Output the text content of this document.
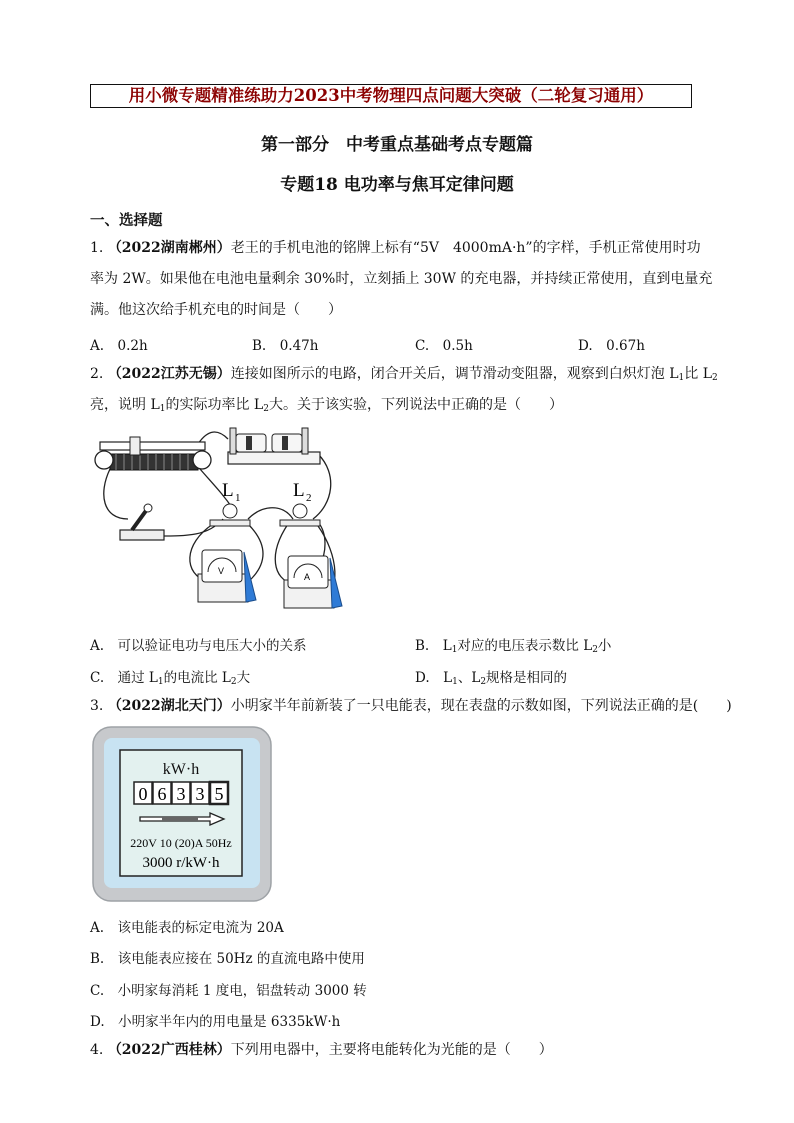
用小微专题精准练助力2023中考物理四点问题大突破（二轮复习通用）
第一部分　中考重点基础考点专题篇
专题18 电功率与焦耳定律问题
一、选择题
1. （2022湖南郴州）老王的手机电池的铭牌上标有“5V　4000mA·h”的字样，手机正常使用时功
率为 2W。如果他在电池电量剩余 30%时，立刻插上 30W 的充电器，并持续正常使用，直到电量充
满。他这次给手机充电的时间是（　　）
A.　0.2h	B.　0.47h	C.　0.5h	D.　0.67h
2. （2022江苏无锡）连接如图所示的电路，闭合开关后，调节滑动变阻器，观察到白炽灯泡 $L_1$比 $L_2$
亮，说明 $L_1$的实际功率比 $L_2$大。关于该实验，下列说法中正确的是（　　）
L 1	L 2
V
A
A.　可以验证电功与电压大小的关系	B.　$L_1$对应的电压表示数比 $L_2$小
C.　通过 $L_1$的电流比 $L_2$大	D.　$L_1$、$L_2$规格是相同的
3. （2022湖北天门）小明家半年前新装了一只电能表，现在表盘的示数如图，下列说法正确的是(　　)
kW·h
0 6 3 3 5
220V 10 (20)A 50Hz
3000 r/kW·h
A.　该电能表的标定电流为 20A
B.　该电能表应接在 50Hz 的直流电路中使用
C.　小明家每消耗 1 度电，铝盘转动 3000 转
D.　小明家半年内的用电量是 6335kW·h
4. （2022广西桂林）下列用电器中，主要将电能转化为光能的是（　　）
